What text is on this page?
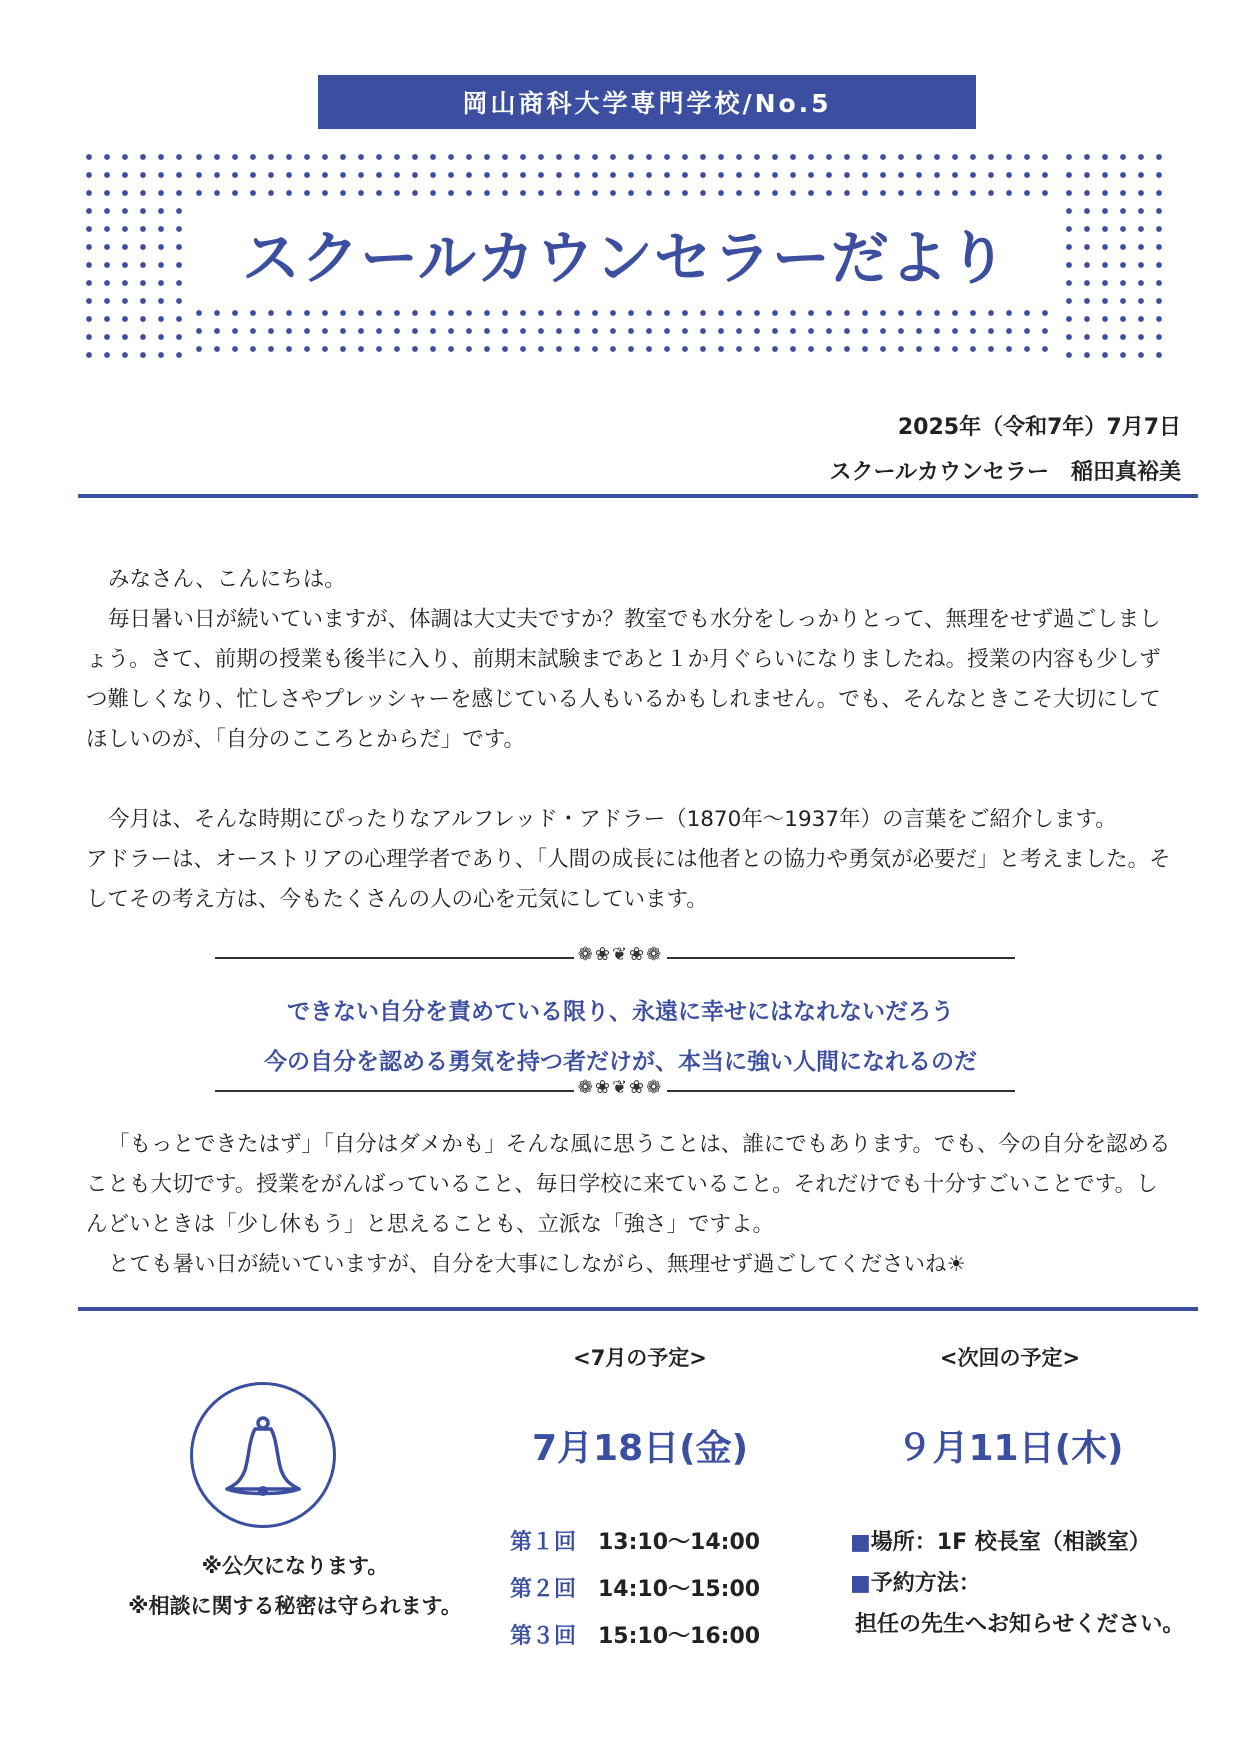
岡山商科大学専門学校/No.5
スクールカウンセラーだより
2025年（令和7年）7月7日
スクールカウンセラー　稲田真裕美

みなさん、こんにちは。

毎日暑い日が続いていますが、体調は大丈夫ですか？教室でも水分をしっかりとって、無理をせず過ごしましょう。さて、前期の授業も後半に入り、前期末試験まであと１か月ぐらいになりましたね。授業の内容も少しずつ難しくなり、忙しさやプレッシャーを感じている人もいるかもしれません。でも、そんなときこそ大切にしてほしいのが、「自分のこころとからだ」です。

今月は、そんな時期にぴったりなアルフレッド・アドラー（1870年〜1937年）の言葉をご紹介します。

アドラーは、オーストリアの心理学者であり、「人間の成長には他者との協力や勇気が必要だ」と考えました。そしてその考え方は、今もたくさんの人の心を元気にしています。

❁❀❦❀❁
できない自分を責めている限り、永遠に幸せにはなれないだろう
今の自分を認める勇気を持つ者だけが、本当に強い人間になれるのだ
❁❀❦❀❁

「もっとできたはず」「自分はダメかも」そんな風に思うことは、誰にでもあります。でも、今の自分を認めることも大切です。授業をがんばっていること、毎日学校に来ていること。それだけでも十分すごいことです。しんどいときは「少し休もう」と思えることも、立派な「強さ」ですよ。

とても暑い日が続いていますが、自分を大事にしながら、無理せず過ごしてくださいね☀

※公欠になります。
※相談に関する秘密は守られます。
<7月の予定>
7月18日(金)
第１回 13:10〜14:00
第２回 14:10〜15:00
第３回 15:10〜16:00
<次回の予定>
９月11日(木)
■場所：1F 校長室（相談室）
■予約方法：
担任の先生へお知らせください。
